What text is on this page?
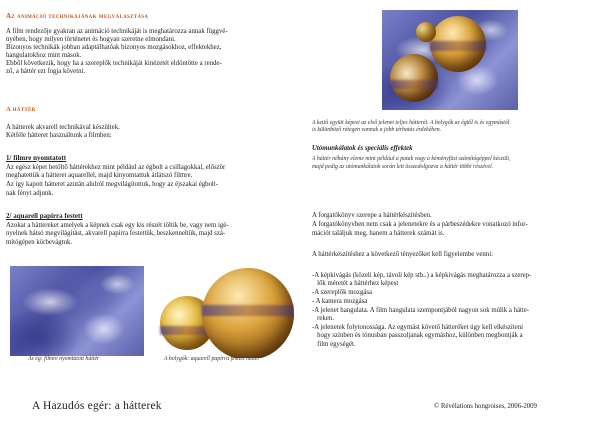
Az animáció technikájának megválasztása

A film rendezője gyakran az animáció technikáját is meghatározza annak függvé-

nyében, hogy milyen történetet és hogyan szeretne elmondani.

Bizonyos technikák jobban adaptálhatóak bizonyos mozgásokhoz, effektekhez,

hangulatokhoz mint mások.

Ebből következik, hogy ha a szereplők technikáját kinézetét eldöntötte a rende-

ző, a háttér ezt fogja követni.

A háttér

A hátterek akvarell technikával készültek.

Kétféle hátteret használtunk a filmben:

1/ filmre nyomtatott

Az egész képet betöltő háttérekhez mint például az égbolt a csillagokkal, először

meghatettük a hátteret aquarellel, majd kinyomtattuk átlátszó filmre.

Az így kapott hátteret azután alulról megvilágítottuk, hogy az éjszakai égbolt-

nak fényt adjunk.

2/ aquarell papírra festett

Azokat a háttereket amelyek a képnek csak egy kis részét töltik be, vagy nem igé-

nyelnek hátsó megvilágítást, akvarell papírra festettük, beszkenneltük, majd szá-

mítógépen körbevágtuk.

Az ég: filmre nyomtatott háttér	A bolygók: aquarell papírra festett háttér

A kettő együtt képezi az első jelenet teljes hátterét. A bolygók az égtől is és egymástól

is különböző rétegen vannak a jobb térhatás érdekében.

Utómunkálatok és speciális effektek

A háttér néhány eleme mint például a patak vagy a kéményfüst számítógéppel készült,

majd pedig az utómunkálatok során lett összedolgozva a háttér többi részével.

A forgatókönyv szerepe a háttérkészítésben.

A forgatókönyvben nem csak a jelenetekre és a párbeszédekre vonatkozó infor-

mációt találjuk meg, hanem a hátterek számát is.

A háttérkészítéshez a következő tényezőket kell figyelembe venni:

-A képkivágás (közeli kép, távoli kép stb..) a képkivágás meghatározza a szerep-

lők méretét a háttérhez képest

-A szereplők mozgása

- A kamera mozgása

-A jelenet hangulata. A film hangulata szempontjából nagyon sok múlik a hátte-

reken.

-A jelenetek folytonossága. Az egymást követő hátteréket úgy kell elkészíteni

hogy színben és tónusban passzoljanak egymáshoz, különben megbontják a

film egységét.

A Hazudós egér: a hátterek	© Révélations hongroises, 2006-2009
